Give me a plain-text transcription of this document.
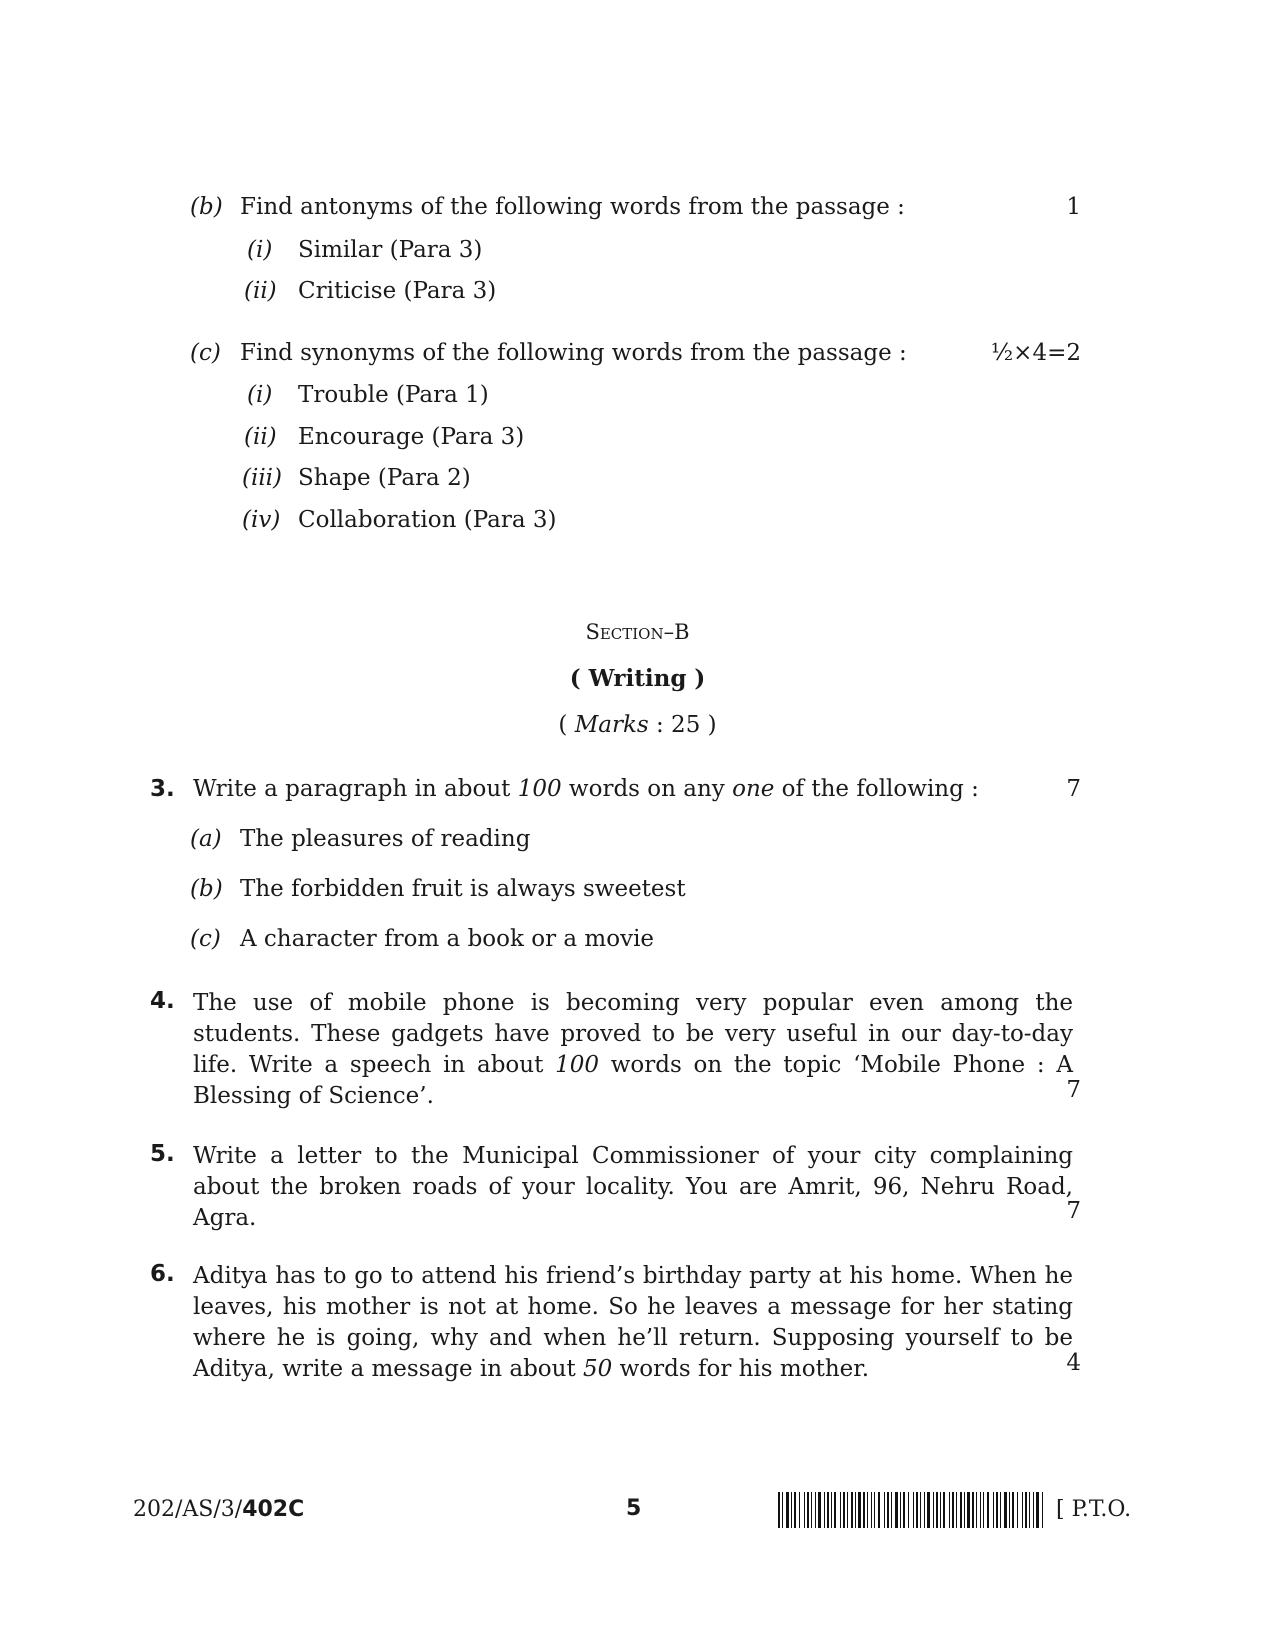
(b) Find antonyms of the following words from the passage :	1
(i) Similar (Para 3)
(ii) Criticise (Para 3)
(c) Find synonyms of the following words from the passage :	½×4=2
(i) Trouble (Para 1)
(ii) Encourage (Para 3)
(iii) Shape (Para 2)
(iv) Collaboration (Para 3)
Section–B
( Writing )
( Marks : 25 )
3. Write a paragraph in about 100 words on any one of the following :	7
(a) The pleasures of reading
(b) The forbidden fruit is always sweetest
(c) A character from a book or a movie
4. The use of mobile phone is becoming very popular even among the students. These gadgets have proved to be very useful in our day-to-day life. Write a speech in about 100 words on the topic ‘Mobile Phone : A Blessing of Science’.	7
5. Write a letter to the Municipal Commissioner of your city complaining about the broken roads of your locality. You are Amrit, 96, Nehru Road, Agra.	7
6. Aditya has to go to attend his friend’s birthday party at his home. When he leaves, his mother is not at home. So he leaves a message for her stating where he is going, why and when he’ll return. Supposing yourself to be Aditya, write a message in about 50 words for his mother.	4
202/AS/3/402C	5	[ P.T.O.
